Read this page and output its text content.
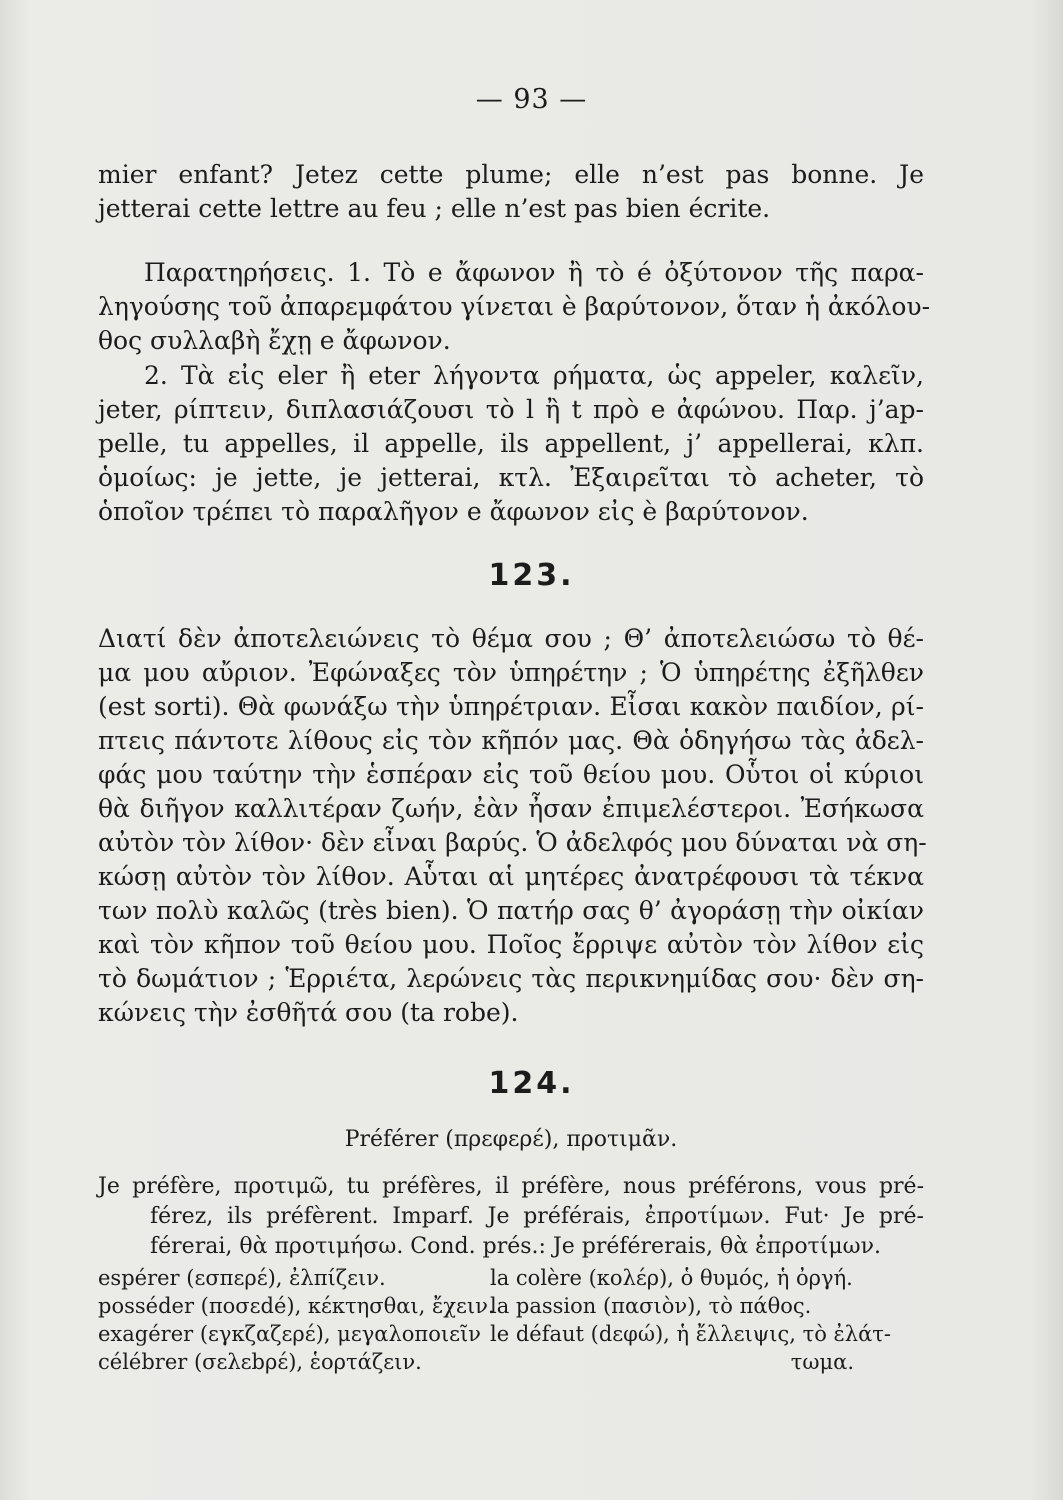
— 93 —
mier enfant? Jetez cette plume; elle n’est pas bonne. Je
jetterai cette lettre au feu ; elle n’est pas bien écrite.
Παρατηρήσεις. 1. Τὸ e ἄφωνον ἢ τὸ é ὀξύτονον τῆς παρα-
ληγούσης τοῦ ἀπαρεμφάτου γίνεται è βαρύτονον, ὅταν ἡ ἀκόλου-
θος συλλαβὴ ἔχῃ e ἄφωνον.
2. Τὰ εἰς eler ἢ eter λήγοντα ρήματα, ὡς appeler, καλεῖν,
jeter, ρίπτειν, διπλασιάζουσι τὸ l ἢ t πρὸ e ἀφώνου. Παρ. j’ap-
pelle, tu appelles, il appelle, ils appellent, j’ appellerai, κλπ.
ὁμοίως: je jette, je jetterai, κτλ. Ἐξαιρεῖται τὸ acheter, τὸ
ὁποῖον τρέπει τὸ παραλῆγον e ἄφωνον εἰς è βαρύτονον.
123.
Διατί δὲν ἀποτελειώνεις τὸ θέμα σου ; Θ’ ἀποτελειώσω τὸ θέ-
μα μου αὔριον. Ἐφώναξες τὸν ὑπηρέτην ; Ὁ ὑπηρέτης ἐξῆλθεν
(est sorti). Θὰ φωνάξω τὴν ὑπηρέτριαν. Εἶσαι κακὸν παιδίον, ρί-
πτεις πάντοτε λίθους εἰς τὸν κῆπόν μας. Θὰ ὁδηγήσω τὰς ἀδελ-
φάς μου ταύτην τὴν ἑσπέραν εἰς τοῦ θείου μου. Οὗτοι οἱ κύριοι
θὰ διῆγον καλλιτέραν ζωήν, ἐὰν ἦσαν ἐπιμελέστεροι. Ἐσήκωσα
αὐτὸν τὸν λίθον· δὲν εἶναι βαρύς. Ὁ ἀδελφός μου δύναται νὰ ση-
κώσῃ αὐτὸν τὸν λίθον. Αὗται αἱ μητέρες ἀνατρέφουσι τὰ τέκνα
των πολὺ καλῶς (très bien). Ὁ πατήρ σας θ’ ἀγοράσῃ τὴν οἰκίαν
καὶ τὸν κῆπον τοῦ θείου μου. Ποῖος ἔρριψε αὐτὸν τὸν λίθον εἰς
τὸ δωμάτιον ; Ἑρριέτα, λερώνεις τὰς περικνημίδας σου· δὲν ση-
κώνεις τὴν ἐσθῆτά σου (ta robe).
124.
Préférer (πρεφερέ), προτιμᾶν.
Je préfère, προτιμῶ, tu préfères, il préfère, nous préférons, vous pré-
férez, ils préfèrent. Imparf. Je préférais, ἐπροτίμων. Fut· Je pré-
férerai, θὰ προτιμήσω. Cond. prés.: Je préférerais, θὰ ἐπροτίμων.
espérer (εσπερέ), ἐλπίζειν.	la colère (κολέρ), ὁ θυμός, ἡ ὀργή.
posséder (ποσεdé), κέκτησθαι, ἔχειν.
la passion (πασιὸν), τὸ πάθος.
exagérer (εγκζαζερέ), μεγαλοποιεῖν le défaut (dεφώ), ἡ ἔλλειψις, τὸ ἐλάτ-
célébrer (σελεbρέ), ἑορτάζειν.	τωμα.
